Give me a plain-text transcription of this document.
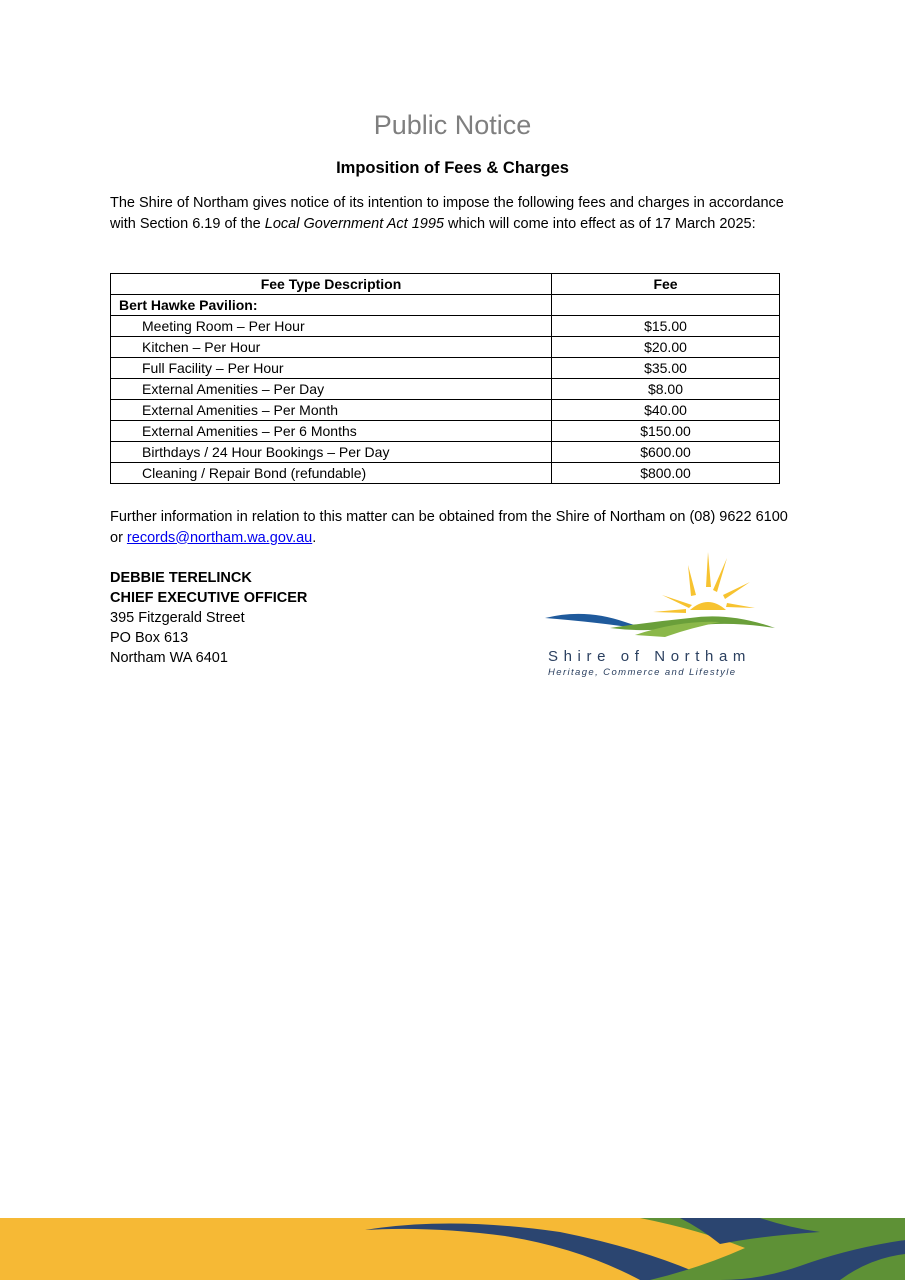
Public Notice
Imposition of Fees & Charges

The Shire of Northam gives notice of its intention to impose the following fees and charges in accordance with Section 6.19 of the Local Government Act 1995 which will come into effect as of 17 March 2025:

Fee Type Description	Fee
Bert Hawke Pavilion:	
Meeting Room – Per Hour	$15.00
Kitchen – Per Hour	$20.00
Full Facility – Per Hour	$35.00
External Amenities – Per Day	$8.00
External Amenities – Per Month	$40.00
External Amenities – Per 6 Months	$150.00
Birthdays / 24 Hour Bookings – Per Day	$600.00
Cleaning / Repair Bond (refundable)	$800.00

Further information in relation to this matter can be obtained from the Shire of Northam on (08) 9622 6100 or records@northam.wa.gov.au.

DEBBIE TERELINCK
CHIEF EXECUTIVE OFFICER
395 Fitzgerald Street
PO Box 613
Northam WA 6401	Shire of Northam
Heritage, Commerce and Lifestyle
